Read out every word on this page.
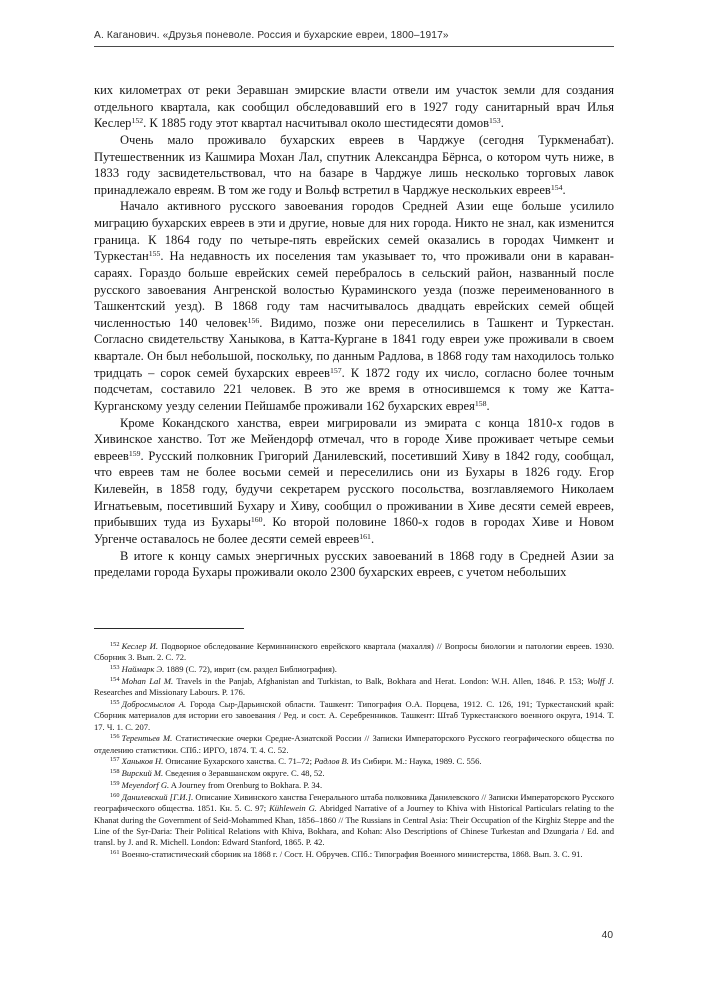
А. Каганович. «Друзья поневоле. Россия и бухарские евреи, 1800–1917»

ких километрах от реки Зеравшан эмирские власти отвели им участок земли для создания отдельного квартала, как сообщил обследовавший его в 1927 году санитарный врач Илья Кеслер$^{152}$. К 1885 году этот квартал насчитывал около шестидесяти домов$^{153}$.

Очень мало проживало бухарских евреев в Чарджуе (сегодня Туркменабат). Путешественник из Кашмира Мохан Лал, спутник Александра Бёрнса, о котором чуть ниже, в 1833 году засвидетельствовал, что на базаре в Чарджуе лишь несколько торговых лавок принадлежало евреям. В том же году и Вольф встретил в Чарджуе нескольких евреев$^{154}$.

Начало активного русского завоевания городов Средней Азии еще больше усилило миграцию бухарских евреев в эти и другие, новые для них города. Никто не знал, как изменится граница. К 1864 году по четыре-пять еврейских семей оказались в городах Чимкент и Туркестан$^{155}$. На недавность их поселения там указывает то, что проживали они в караван-сараях. Гораздо больше еврейских семей перебралось в сельский район, названный после русского завоевания Ангренской волостью Кураминского уезда (позже переименованного в Ташкентский уезд). В 1868 году там насчитывалось двадцать еврейских семей общей численностью 140 человек$^{156}$. Видимо, позже они переселились в Ташкент и Туркестан. Согласно свидетельству Ханыкова, в Катта-Кургане в 1841 году евреи уже проживали в своем квартале. Он был небольшой, поскольку, по данным Радлова, в 1868 году там находилось только тридцать – сорок семей бухарских евреев$^{157}$. К 1872 году их число, согласно более точным подсчетам, составило 221 человек. В это же время в относившемся к тому же Катта-Курганскому уезду селении Пейшамбе проживали 162 бухарских еврея$^{158}$.

Кроме Кокандского ханства, евреи мигрировали из эмирата с конца 1810-х годов в Хивинское ханство. Тот же Мейендорф отмечал, что в городе Хиве проживает четыре семьи евреев$^{159}$. Русский полковник Григорий Данилевский, посетивший Хиву в 1842 году, сообщал, что евреев там не более восьми семей и переселились они из Бухары в 1826 году. Егор Килевейн, в 1858 году, будучи секретарем русского посольства, возглавляемого Николаем Игнатьевым, посетивший Бухару и Хиву, сообщил о проживании в Хиве десяти семей евреев, прибывших туда из Бухары$^{160}$. Ко второй половине 1860-х годов в городах Хиве и Новом Ургенче оставалось не более десяти семей евреев$^{161}$.

В итоге к концу самых энергичных русских завоеваний в 1868 году в Средней Азии за пределами города Бухары проживали около 2300 бухарских евреев, с учетом небольших

$^{152}$ Кеслер И. Подворное обследование Керминнинского еврейского квартала (махалля) // Вопросы биологии и патологии евреев. 1930. Сборник 3. Вып. 2. С. 72.

$^{153}$ Наймарк Э. 1889 (С. 72), иврит (см. раздел Библиография).

$^{154}$ Mohan Lal M. Travels in the Panjab, Afghanistan and Turkistan, to Balk, Bokhara and Herat. London: W.H. Allen, 1846. P. 153; Wolff J. Researches and Missionary Labours. P. 176.

$^{155}$ Добросмыслов А. Города Сыр-Дарьинской области. Ташкент: Типография О.А. Порцева, 1912. С. 126, 191; Туркестанский край: Сборник материалов для истории его завоевания / Ред. и сост. А. Серебренников. Ташкент: Штаб Туркестанского военного округа, 1914. Т. 17. Ч. 1. С. 207.

$^{156}$ Терентьев М. Статистические очерки Средне-Азиатской России // Записки Императорского Русского географического общества по отделению статистики. СПб.: ИРГО, 1874. Т. 4. С. 52.

$^{157}$ Ханыков Н. Описание Бухарского ханства. С. 71–72; Радлов В. Из Сибири. М.: Наука, 1989. С. 556.

$^{158}$ Вирский М. Сведения о Зеравшанском округе. С. 48, 52.

$^{159}$ Meyendorf G. A Journey from Orenburg to Bokhara. P. 34.

$^{160}$ Данилевский [Г.И.]. Описание Хивинского ханства Генерального штаба полковника Данилевского // Записки Императорского Русского географического общества. 1851. Кн. 5. С. 97; Kühlewein G. Abridged Narrative of a Journey to Khiva with Historical Particulars relating to the Khanat during the Government of Seid-Mohammed Khan, 1856–1860 // The Russians in Central Asia: Their Occupation of the Kirghiz Steppe and the Line of the Syr-Daria: Their Political Relations with Khiva, Bokhara, and Kohan: Also Descriptions of Chinese Turkestan and Dzungaria / Ed. and transl. by J. and R. Michell. London: Edward Stanford, 1865. P. 42.

$^{161}$ Военно-статистический сборник на 1868 г. / Сост. Н. Обручев. СПб.: Типография Военного министерства, 1868. Вып. 3. С. 91.

40
